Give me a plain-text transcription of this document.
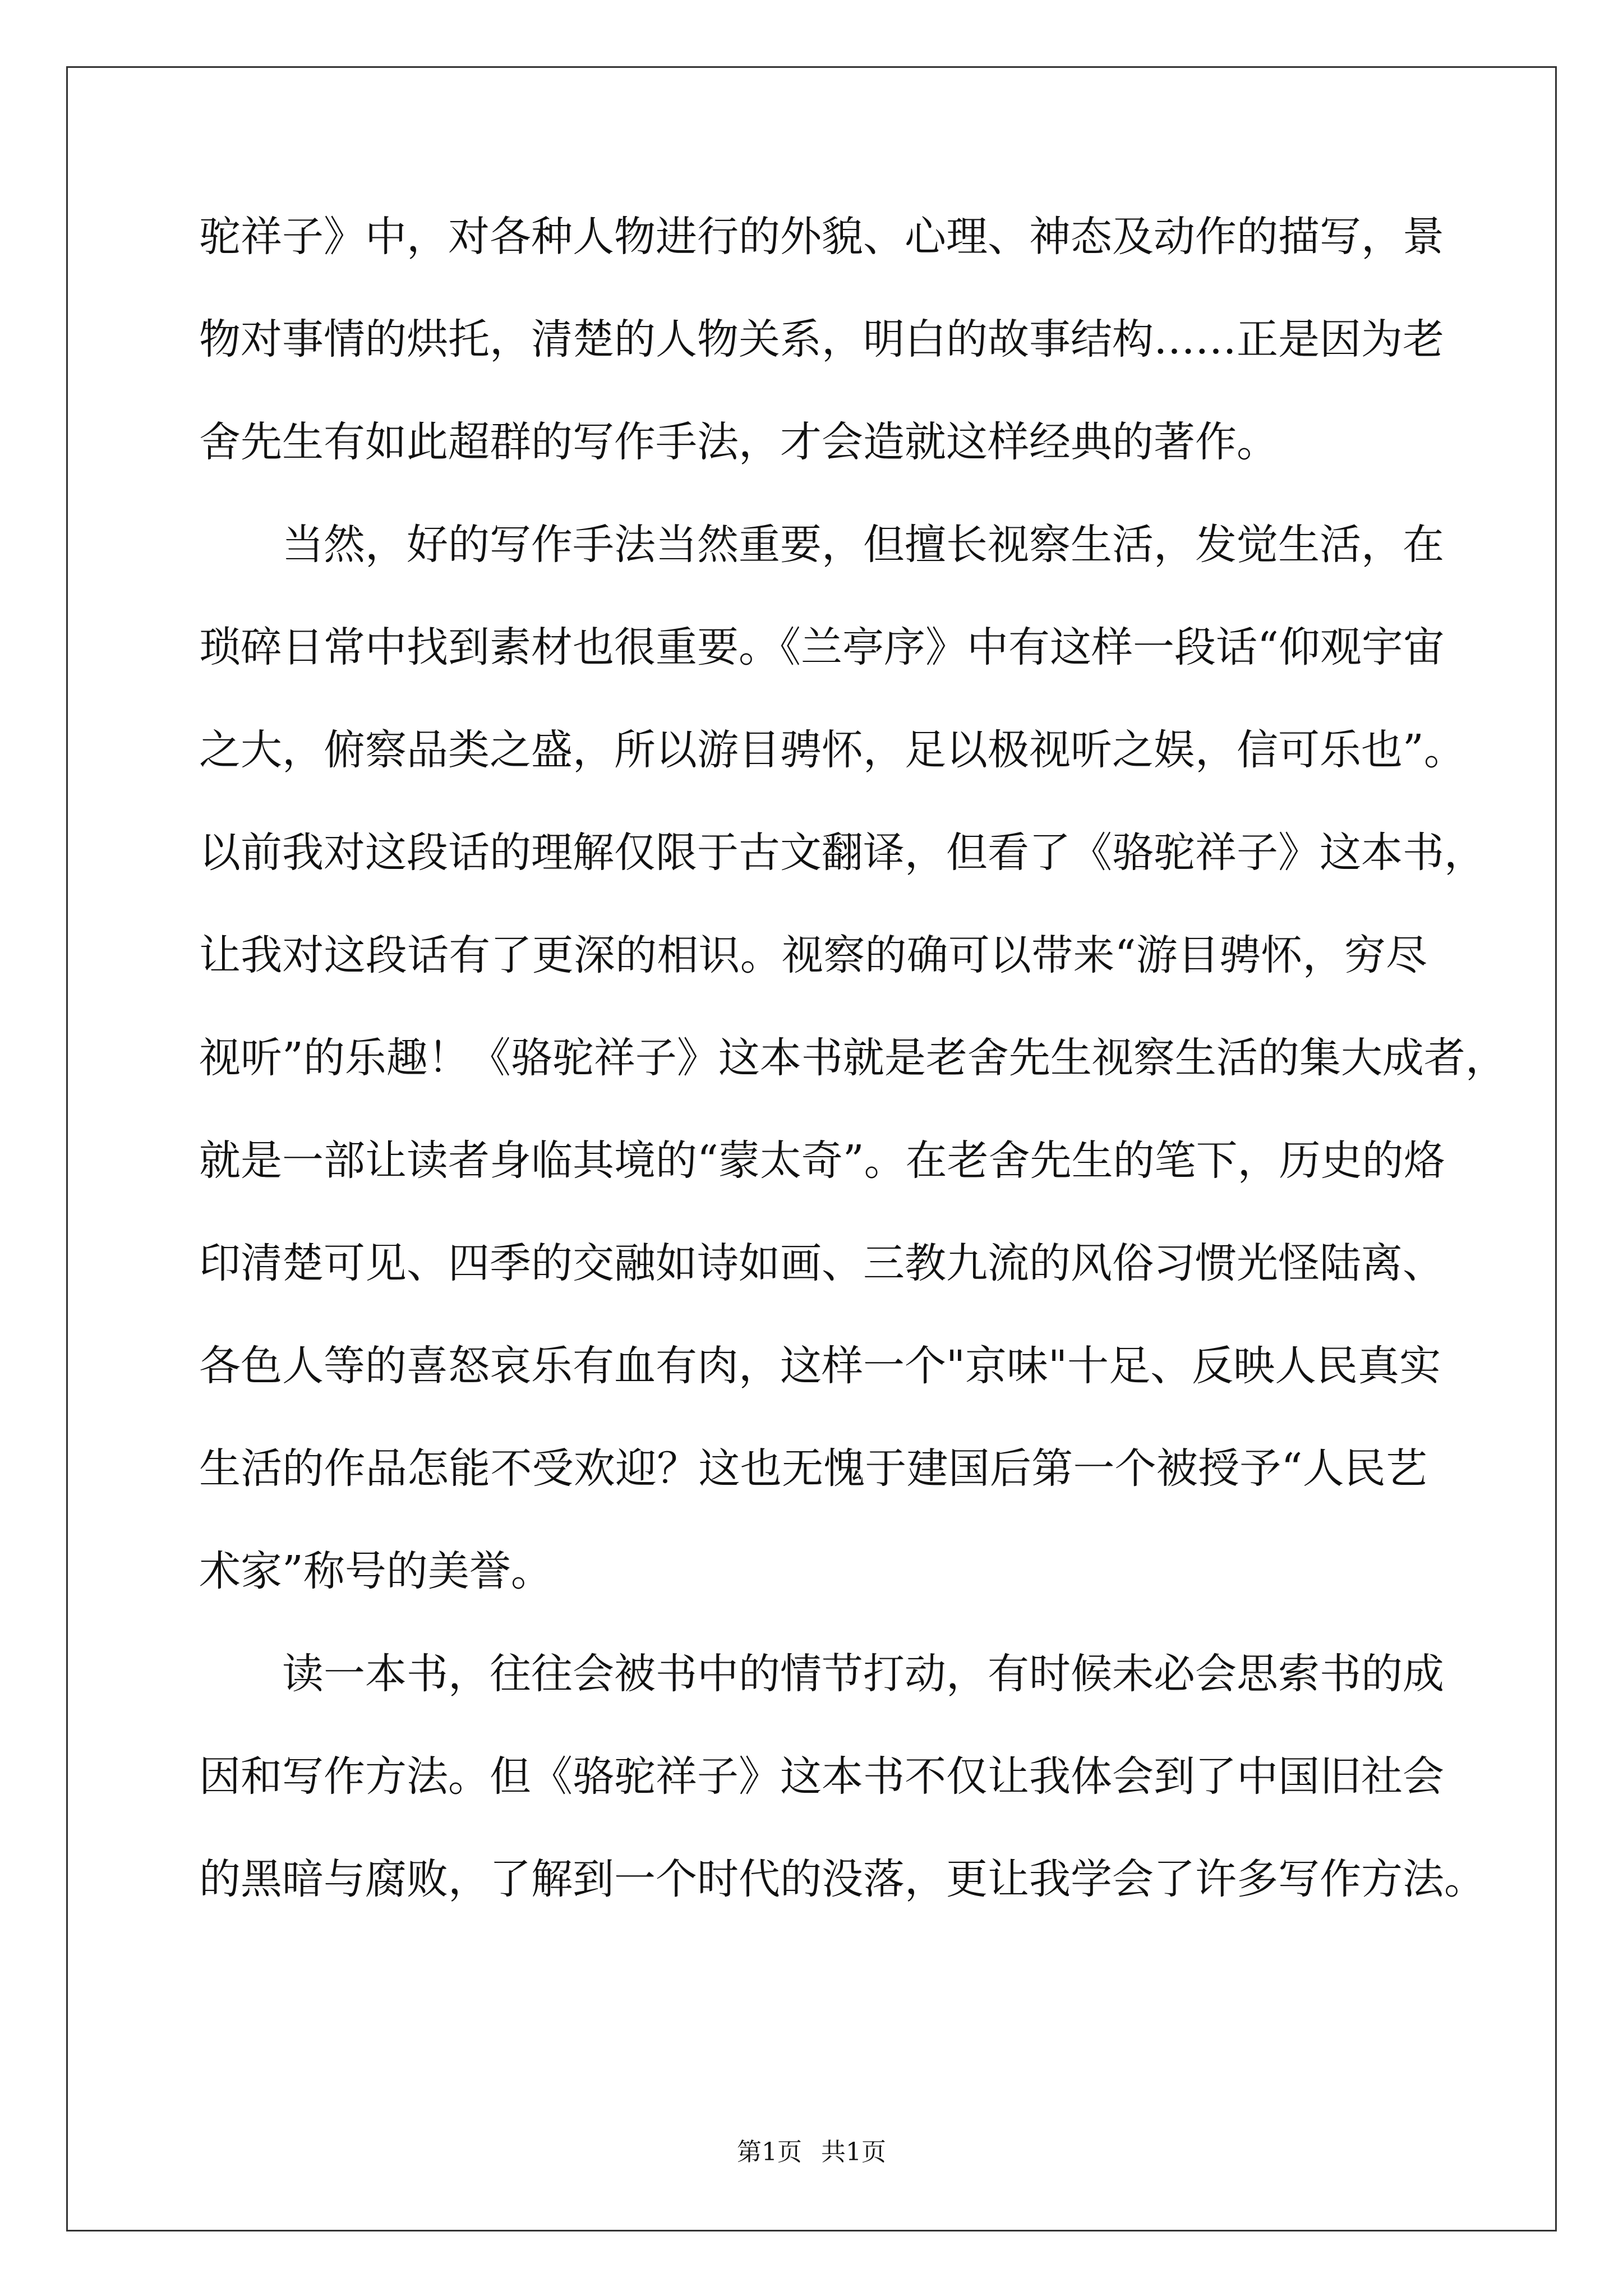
驼祥子》中，对各种人物进行的外貌、心理、神态及动作的描写，景
物对事情的烘托，清楚的人物关系，明白的故事结构……正是因为老
舍先生有如此超群的写作手法，才会造就这样经典的著作。
当然，好的写作手法当然重要，但擅长视察生活，发觉生活，在
琐碎日常中找到素材也很重要。《兰亭序》中有这样一段话“仰观宇宙
之大，俯察品类之盛，所以游目骋怀，足以极视听之娱，信可乐也”。
以前我对这段话的理解仅限于古文翻译，但看了《骆驼祥子》这本书，
让我对这段话有了更深的相识。视察的确可以带来“游目骋怀，穷尽
视听”的乐趣！《骆驼祥子》这本书就是老舍先生视察生活的集大成者，
就是一部让读者身临其境的“蒙太奇”。在老舍先生的笔下，历史的烙
印清楚可见、四季的交融如诗如画、三教九流的风俗习惯光怪陆离、
各色人等的喜怒哀乐有血有肉，这样一个"京味"十足、反映人民真实
生活的作品怎能不受欢迎？这也无愧于建国后第一个被授予“人民艺
术家”称号的美誉。
读一本书，往往会被书中的情节打动，有时候未必会思索书的成
因和写作方法。但《骆驼祥子》这本书不仅让我体会到了中国旧社会
的黑暗与腐败，了解到一个时代的没落，更让我学会了许多写作方法。
第1页 共1页
